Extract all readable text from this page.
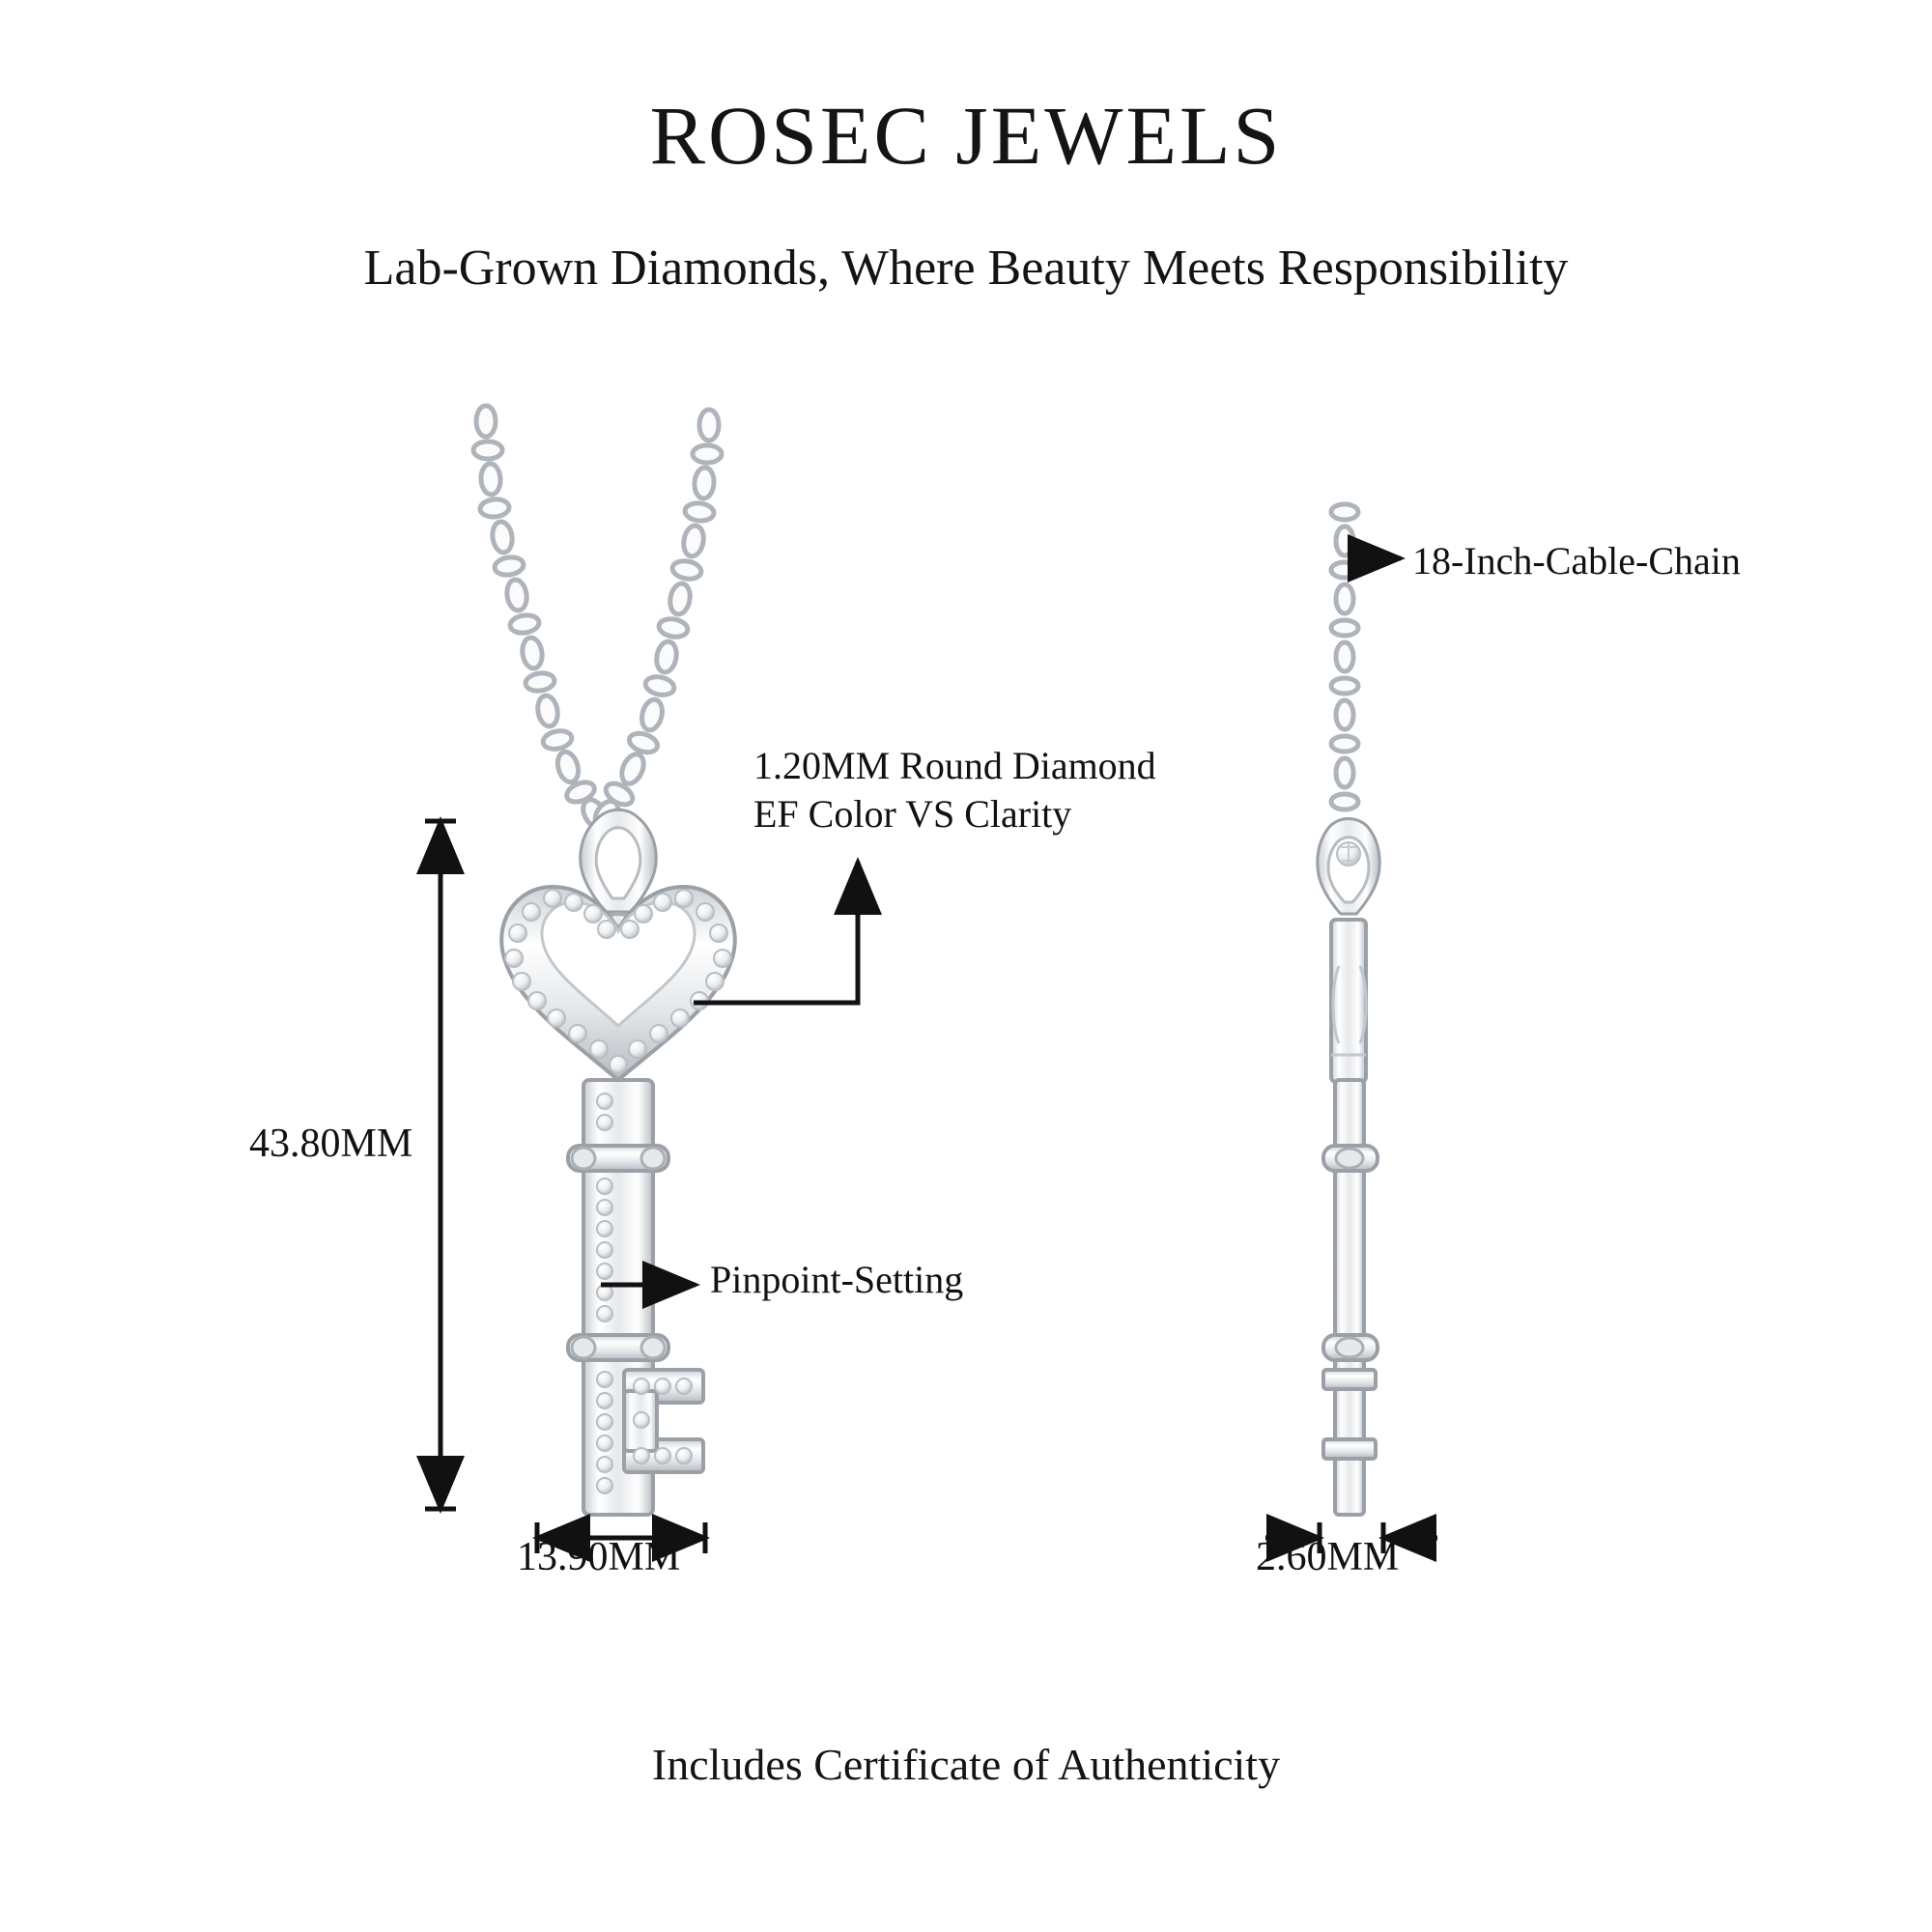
ROSEC JEWELS
Lab-Grown Diamonds, Where Beauty Meets Responsibility
1.20MM Round Diamond
EF Color VS Clarity
Pinpoint-Setting
18-Inch-Cable-Chain
43.80MM
13.90MM	2.60MM
Includes Certificate of Authenticity
